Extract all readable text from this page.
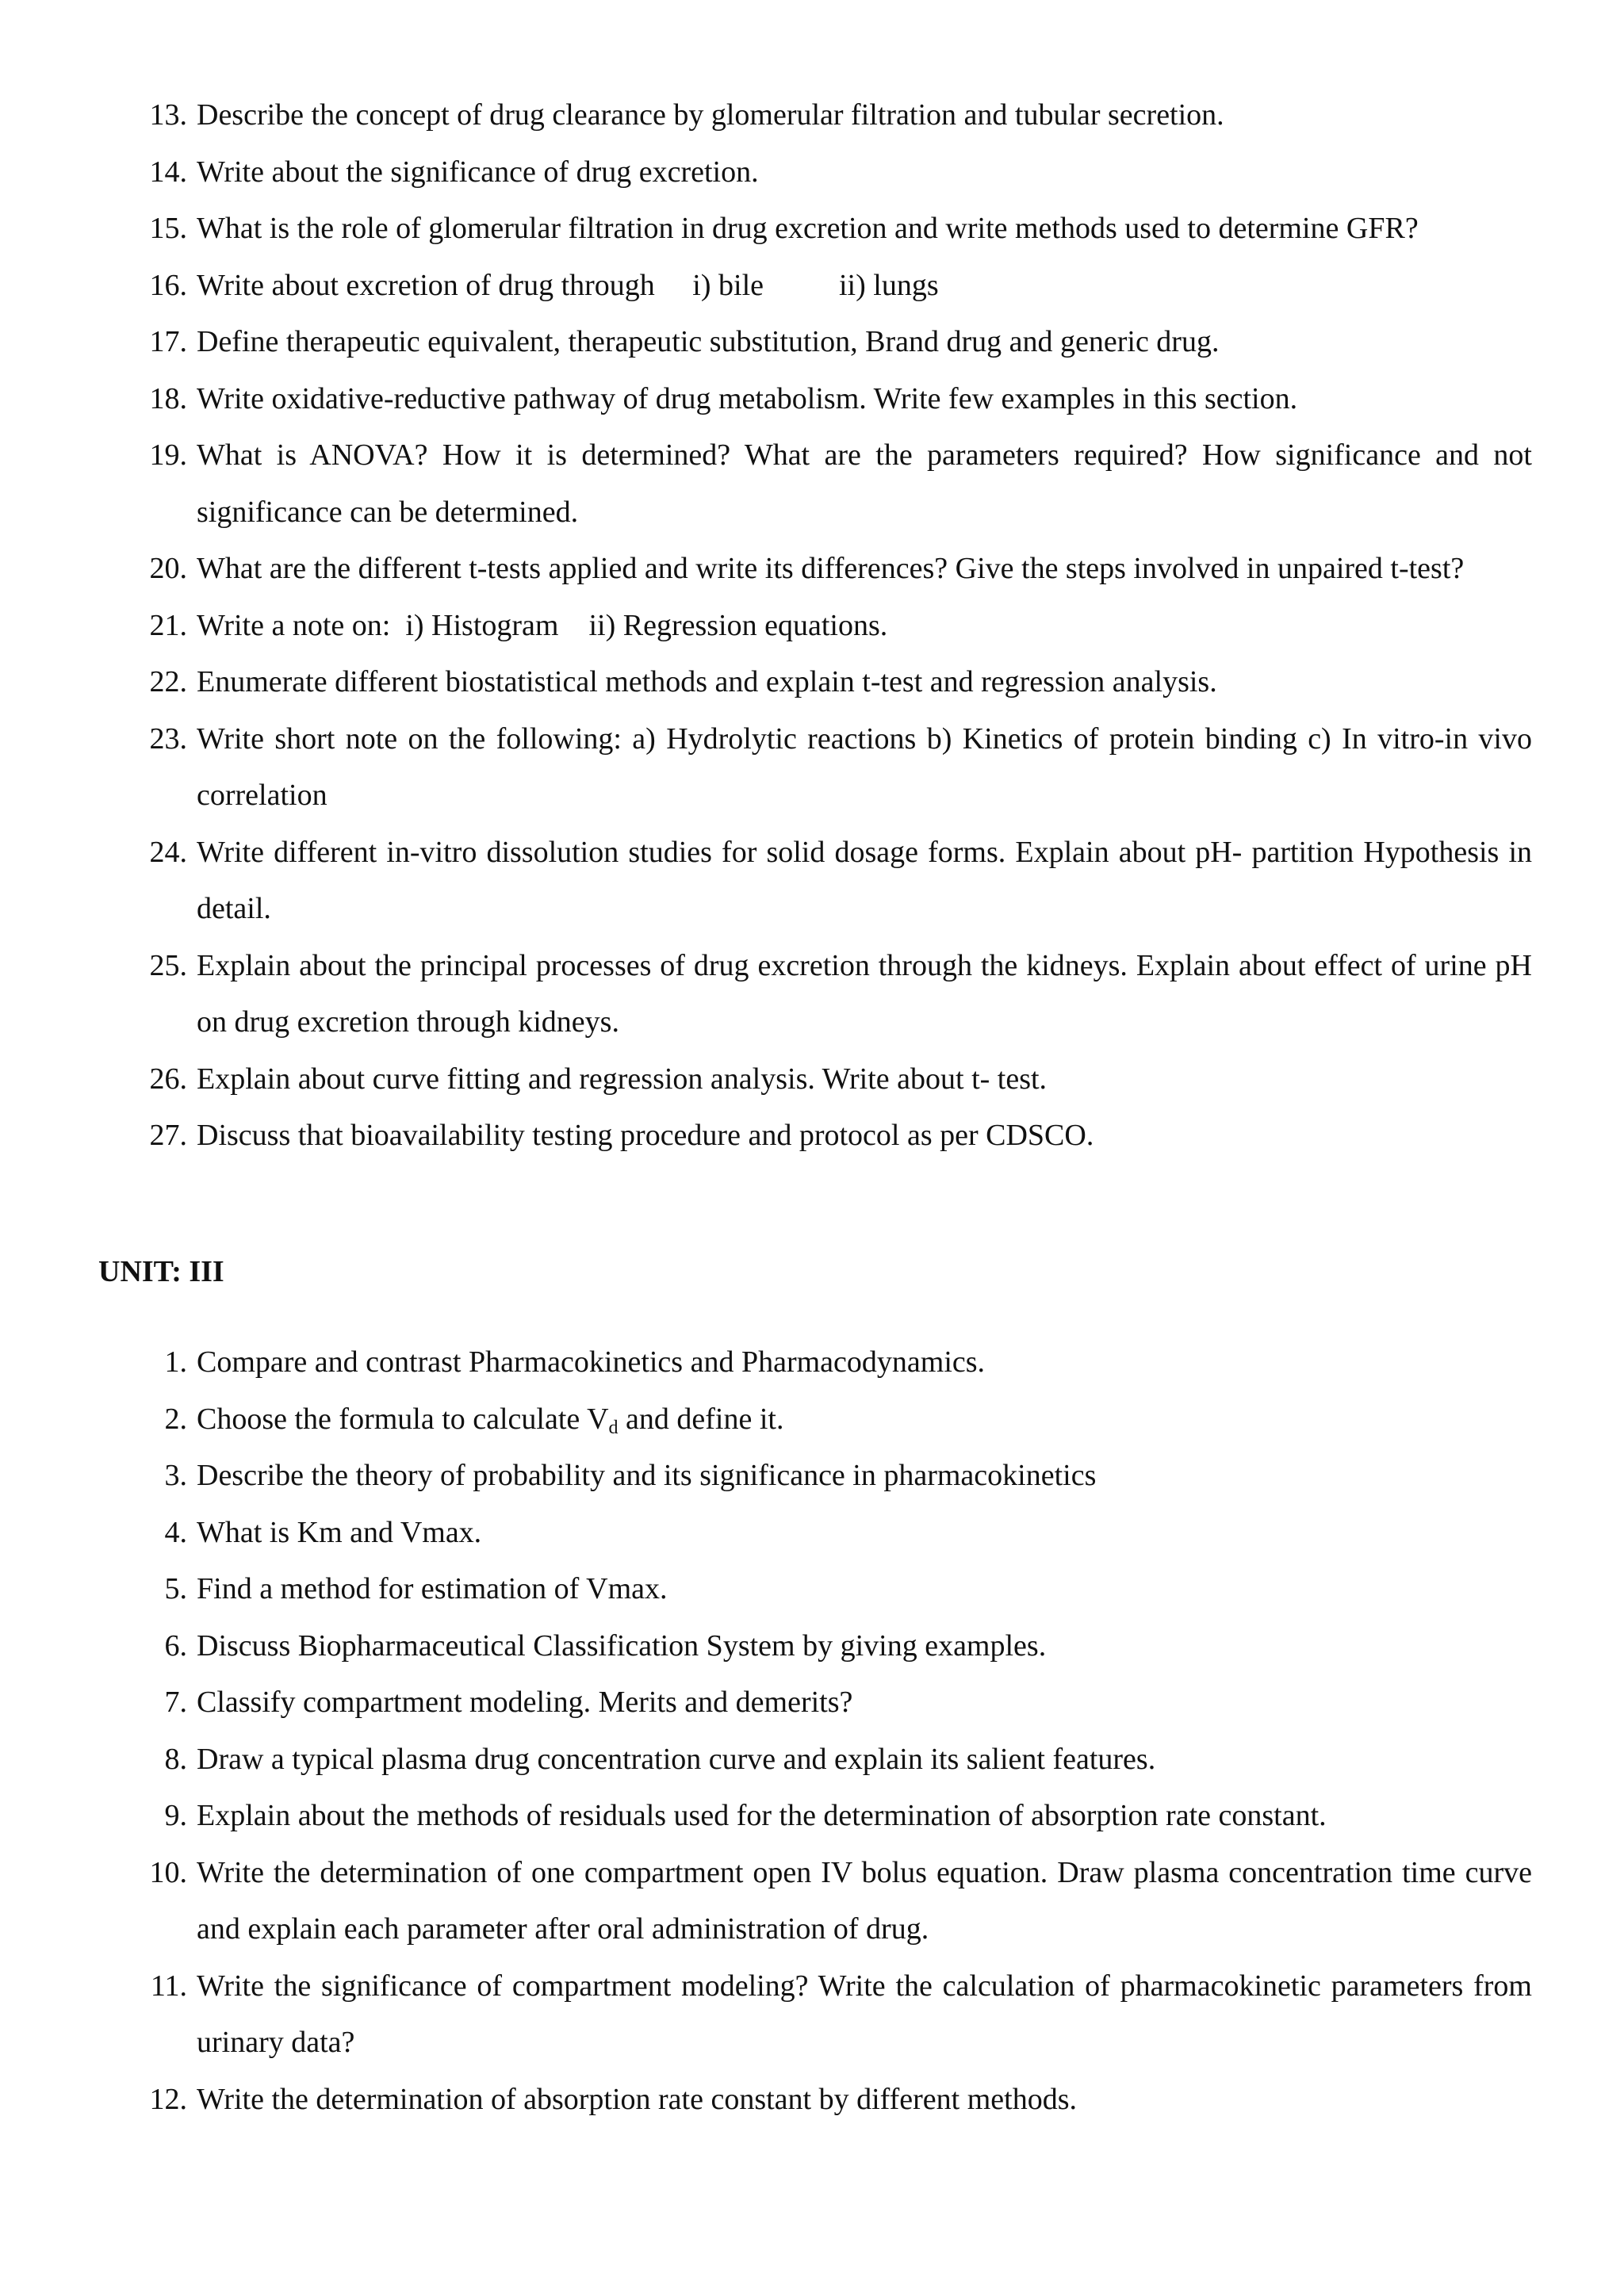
13. Describe the concept of drug clearance by glomerular filtration and tubular secretion.
14. Write about the significance of drug excretion.
15. What is the role of glomerular filtration in drug excretion and write methods used to determine GFR?
16. Write about excretion of drug through     i) bile          ii) lungs
17. Define therapeutic equivalent, therapeutic substitution, Brand drug and generic drug.
18. Write oxidative-reductive pathway of drug metabolism. Write few examples in this section.
19. What is ANOVA? How it is determined? What are the parameters required? How significance and not significance can be determined.
20. What are the different t-tests applied and write its differences? Give the steps involved in unpaired t-test?
21. Write a note on:  i) Histogram    ii) Regression equations.
22. Enumerate different biostatistical methods and explain t-test and regression analysis.
23. Write short note on the following: a) Hydrolytic reactions b) Kinetics of protein binding c) In vitro-in vivo correlation
24. Write different in-vitro dissolution studies for solid dosage forms. Explain about pH- partition Hypothesis in detail.
25. Explain about the principal processes of drug excretion through the kidneys. Explain about effect of urine pH on drug excretion through kidneys.
26. Explain about curve fitting and regression analysis. Write about t- test.
27. Discuss that bioavailability testing procedure and protocol as per CDSCO.
UNIT: III
1. Compare and contrast Pharmacokinetics and Pharmacodynamics.
2. Choose the formula to calculate $V_d$ and define it.
3. Describe the theory of probability and its significance in pharmacokinetics
4. What is Km and Vmax.
5. Find a method for estimation of Vmax.
6. Discuss Biopharmaceutical Classification System by giving examples.
7. Classify compartment modeling. Merits and demerits?
8. Draw a typical plasma drug concentration curve and explain its salient features.
9. Explain about the methods of residuals used for the determination of absorption rate constant.
10. Write the determination of one compartment open IV bolus equation. Draw plasma concentration time curve and explain each parameter after oral administration of drug.
11. Write the significance of compartment modeling? Write the calculation of pharmacokinetic parameters from urinary data?
12. Write the determination of absorption rate constant by different methods.
